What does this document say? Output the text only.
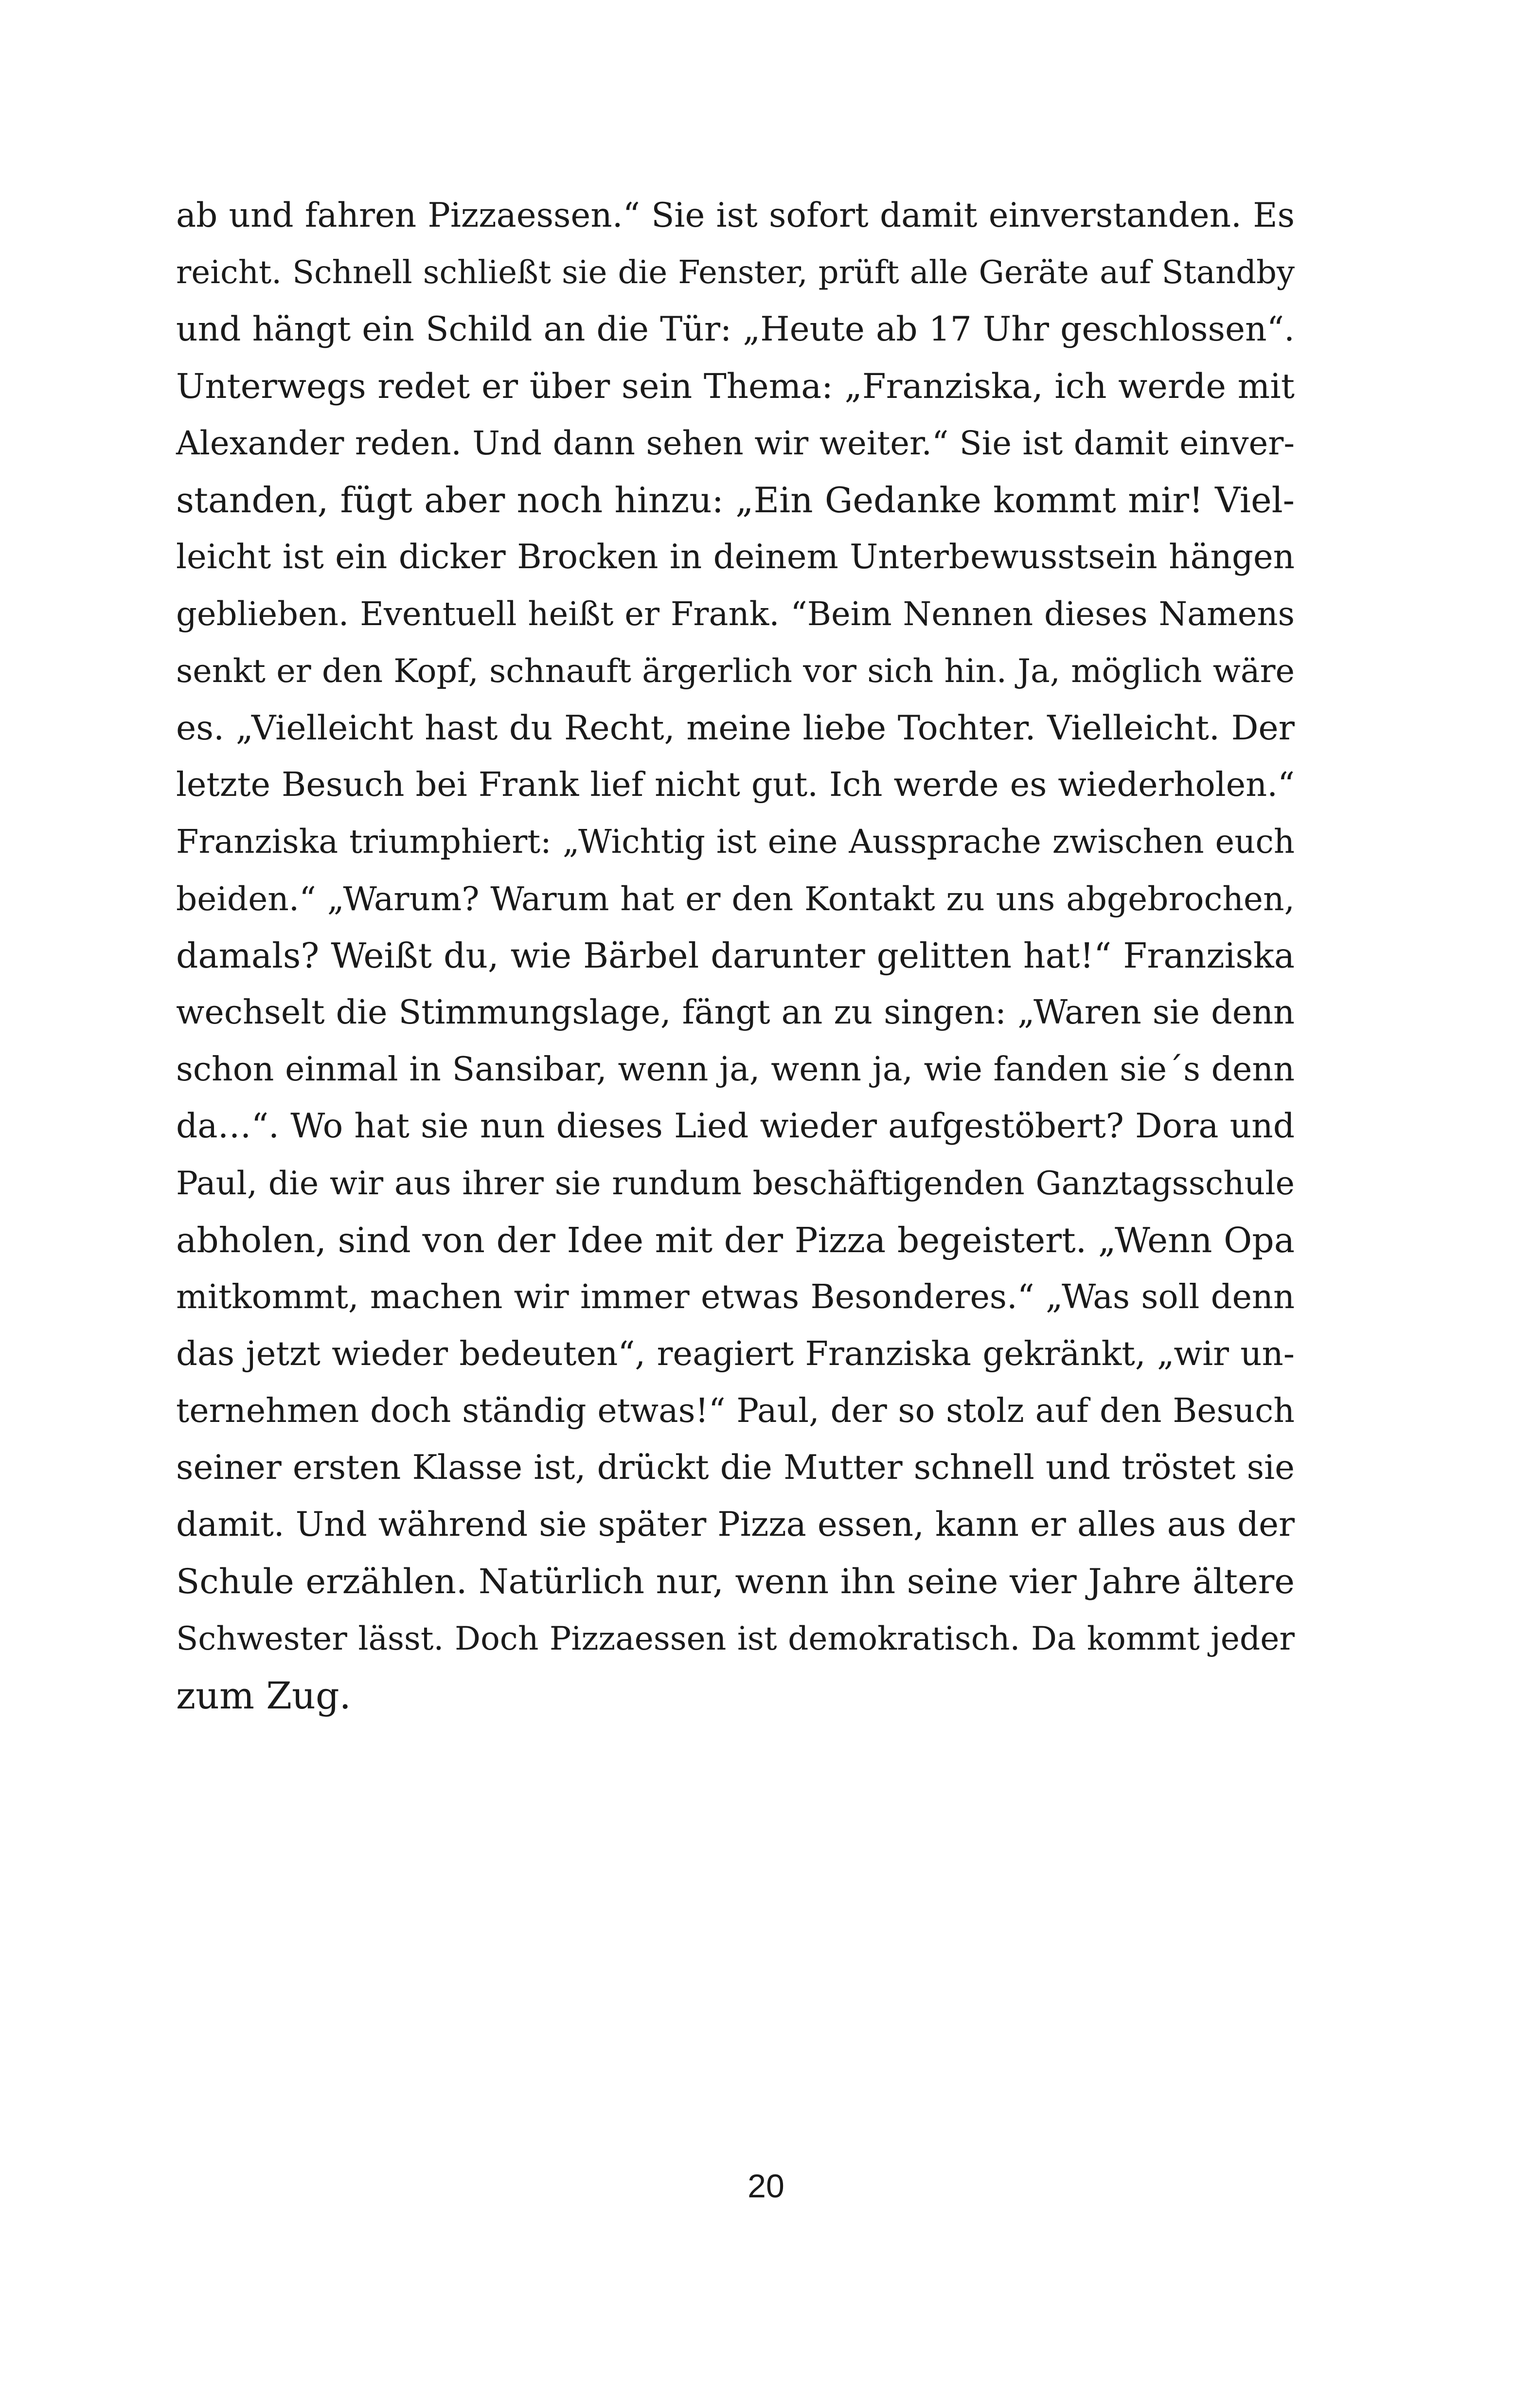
ab und fahren Pizzaessen.“ Sie ist sofort damit einverstanden. Es
reicht. Schnell schließt sie die Fenster, prüft alle Geräte auf Standby
und hängt ein Schild an die Tür: „Heute ab 17 Uhr geschlossen“.
Unterwegs redet er über sein Thema: „Franziska, ich werde mit
Alexander reden. Und dann sehen wir weiter.“ Sie ist damit einver-
standen, fügt aber noch hinzu: „Ein Gedanke kommt mir! Viel-
leicht ist ein dicker Brocken in deinem Unterbewusstsein hängen
geblieben. Eventuell heißt er Frank. “Beim Nennen dieses Namens
senkt er den Kopf, schnauft ärgerlich vor sich hin. Ja, möglich wäre
es. „Vielleicht hast du Recht, meine liebe Tochter. Vielleicht. Der
letzte Besuch bei Frank lief nicht gut. Ich werde es wiederholen.“
Franziska triumphiert: „Wichtig ist eine Aussprache zwischen euch
beiden.“ „Warum? Warum hat er den Kontakt zu uns abgebrochen,
damals? Weißt du, wie Bärbel darunter gelitten hat!“ Franziska
wechselt die Stimmungslage, fängt an zu singen: „Waren sie denn
schon einmal in Sansibar, wenn ja, wenn ja, wie fanden sie´s denn
da…“. Wo hat sie nun dieses Lied wieder aufgestöbert? Dora und
Paul, die wir aus ihrer sie rundum beschäftigenden Ganztagsschule
abholen, sind von der Idee mit der Pizza begeistert. „Wenn Opa
mitkommt, machen wir immer etwas Besonderes.“ „Was soll denn
das jetzt wieder bedeuten“, reagiert Franziska gekränkt, „wir un-
ternehmen doch ständig etwas!“ Paul, der so stolz auf den Besuch
seiner ersten Klasse ist, drückt die Mutter schnell und tröstet sie
damit. Und während sie später Pizza essen, kann er alles aus der
Schule erzählen. Natürlich nur, wenn ihn seine vier Jahre ältere
Schwester lässt. Doch Pizzaessen ist demokratisch. Da kommt jeder
zum Zug.

20
